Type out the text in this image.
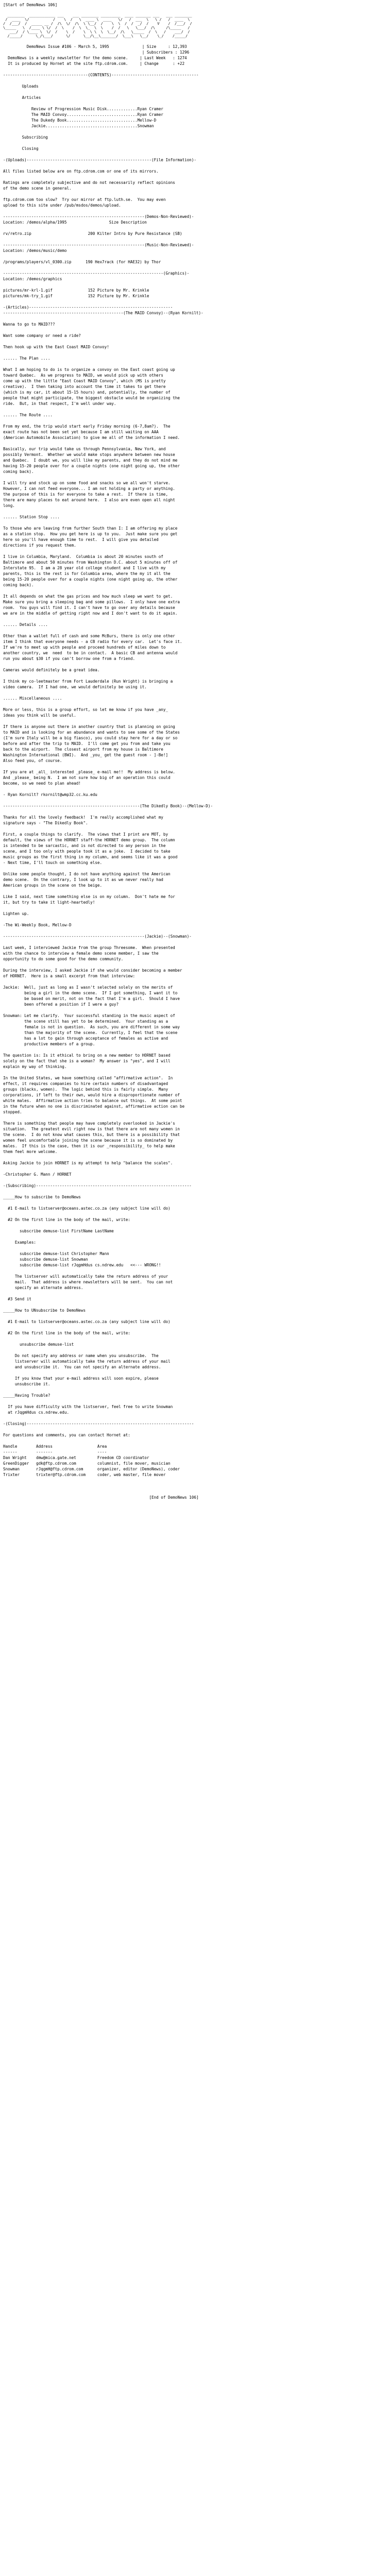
[Start of DemoNews 106]
________  ____________ ___    ___ ________ _________  ____ _______ ___   ___ ________
/  ____  \/           /    \  /   \  ____ \  ____   \/   /  ___  \   \ /   /  ____  \
/  /___/  /  _____ __ /  /\  \/  /\  \ \__/  /    \  \  /  /  _/  /    V    /  /___/  /
\_____   \  /____ \ \/  /  \    /  \  \_  \  \    /  /   \   \___/  /\     /\_____   /
___/  / \____ \  \/  /    \  /    \  \ \  \  \__/  /\   \_____  /  \   /    ___/  /
/_____/      \_/\___/      \/      \__/\__\_______/  \___\   \__/    \_/    /_____/
DemoNews Issue #106 - March 5, 1995              | Size     : 12,393
| Subscribers : 1296
DemoNews is a weekly newsletter for the demo scene.     | Last Week   : 1274
It is produced by Hornet at the site ftp.cdrom.com.     | Change      : +22
------------------------------------(CONTENTS)-------------------------------------
Uploads
Articles
Review of Progression Music Disk.............Ryan Cramer
The MAID Convoy..............................Ryan Cramer
The Dukedy Book..............................Mellow-D
Jackie.......................................Snowman
Subscribing
Closing
-(Uploads)-----------------------------------------------------(File Information)-
All files listed below are on ftp.cdrom.com or one of its mirrors.
Ratings are completely subjective and do not necessarily reflect opinions
of the demo scene in general.
ftp.cdrom.com too slow?  Try our mirror at ftp.luth.se.  You may even
upload to this site under /pub/msdos/demos/upload.
------------------------------------------------------------(Demos-Non-Reviewed)-
Location: /demos/alpha/1995                  Size Description
rv/retro.zip                        200 Kilter Intro by Pure Resistance (SB)
------------------------------------------------------------(Music-Non-Reviewed)-
Location: /demos/music/demo
/programs/players/vl_0300.zip      190 Hex7rack (for HAE32) by Thor
--------------------------------------------------------------------(Graphics)-
Location: /demos/graphics
pictures/mr-krl-1.gif               152 Picture by Mr. Krinkle
pictures/mk-try_1.gif               152 Picture by Mr. Krinkle
-(Articles)-------------------------------------------------------------
---------------------------------------------------(The MAID Convoy)--(Ryan Kornilt)-
Wanna to go to MAID???
Want some company or need a ride?
Then hook up with the East Coast MAID Convoy!
...... The Plan ....
What I am hoping to do is to organize a convoy on the East coast going up
toward Quebec.  As we progress to MAID, we would pick up with others
come up with the little "East Coast MAID Convoy", which (MS is pretty
creative).  I then taking into account the time it takes to get there
(which is my car, it about 15-15 hours) and, potentially, the number of
people that might participate, the biggest obstacle would be organizing the
ride.  But, in that respect, I'm well under way.
...... The Route ....
From my end, the trip would start early Friday morning (6-7,8am?).  The
exact route has not been set yet because I am still waiting on AAA
(American Automobile Association) to give me all of the information I need.
Basically, our trip would take us through Pennsylvania, New York, and
possibly Vermont.  Whether we would make stops anywhere between new house
and Quebec.  I doubt we, you will like my parents, and they do not mind me
having 15-20 people over for a couple nights (one night going up, the other
coming back).
I will try and stock up on some food and snacks so we all won't starve.
However, I can not feed everyone... I am not holding a party or anything.
the purpose of this is for everyone to take a rest.  If there is time,
there are many places to eat around here.  I also are even open all night
long.
...... Station Stop ....
To those who are leaving from further South than I: I am offering my place
as a station stop.  How you get here is up to you.  Just make sure you get
here so you'll have enough time to rest.  I will give you detailed
directions if you request them.
I live in Columbia, Maryland.  Columbia is about 20 minutes south of
Baltimore and about 50 minutes from Washington D.C. about 5 minutes off of
Interstate 95.  I am a 28 year old college student and I live with my
parents, this is the rest is for Columbia area, where the my it all the
being 15-20 people over for a couple nights (one night going up, the other
coming back).
It all depends on what the gas prices and how much sleep we want to get.
Make sure you bring a sleeping bag and some pillows.  I only have one extra
room.  You guys will find it. I can't have to go over any details because
we are in the middle of getting right now and I don't want to do it again.
...... Details ....
Other than a wallet full of cash and some McBurs, there is only one other
item I think that everyone needs - a CB radio for every car.  Let's face it.
If we're to meet up with people and proceed hundreds of miles down to
another country, we  need  to be in contact.  A basic CB and antenna would
run you about $30 if you can't borrow one from a friend.
Cameras would definitely be a great idea.
I think my co-leetmaster from Fort Lauderdale (Run Wright) is bringing a
video camera.  If I had one, we would definitely be using it.
...... Miscellaneous ....
More or less, this is a group effort, so let me know if you have _any_
ideas you think will be useful.
If there is anyone out there in another country that is planning on going
to MAID and is looking for an abundance and wants to see some of the States
(I'm sure Italy will be a big fiasco), you could stay here for a day or so
before and after the trip to MAID.  I'll come get you from and take you
back to the airport.  The closest airport from my house is Baltimore
Washington International (BWI).  And _you_ get the guest room - ]-Be!]
Also feed you, of course.
If you are at _all_ interested _please_ e-mail me!!  My address is below.
And _please_ being N.  I am not sure how big of an operation this could
become, so we need to plan ahead!
- Ryan Kornilt? rkornilt@wmp32.cc.ku.edu
----------------------------------------------------------(The Dikedly Book)--(Mellow-D)-
Thanks for all the lovely feedback!  I'm really accomplished what my
signature says - "The Dikedly Book".
First, a couple things to clarify.  The views that I print are MOT, by
default, the views of the HORNET staff-the HORNET demo group.  The column
is intended to be sarcastic, and is not directed to any person in the
scene, and I too only with people took it as a joke.  I decided to take
music groups as the first thing in my column, and seems like it was a good
- Next time, I'll touch on something else.
Unlike some people thought, I do not have anything against the American
demo scene.  On the contrary, I look up to it as we never really had
American groups in the scene on the beige.
Like I said, next time something else is on my column.  Don't hate me for
it, but try to take it light-heartedly!
Lighten up.
-The Wi-Weekly Book, Mellow-D
------------------------------------------------------------(Jackie)--(Snowman)-
Last week, I interviewed Jackie from the group Threesome.  When presented
with the chance to interview a female demo scene member, I saw the
opportunity to do some good for the demo community.
During the interview, I asked Jackie if she would consider becoming a member
of HORNET.  Here is a small excerpt from that interview:
Jackie:  Well, just as long as I wasn't selected solely on the merits of
being a girl in the demo scene.  If I got something, I want it to
be based on merit, not on the fact that I'm a girl.  Should I have
been offered a position if I were a guy?
Snowman: Let me clarify.  Your successful standing in the music aspect of
the scene still has yet to be determined.  Your standing as a
female is not in question.  As such, you are different in some way
than the majority of the scene.  Currently, I feel that the scene
has a lot to gain through acceptance of females as active and
productive members of a group.
The question is: Is it ethical to bring on a new member to HORNET based
solely on the fact that she is a woman?  My answer is "yes", and I will
explain my way of thinking.
In the United States, we have something called "affirmative action".  In
effect, it requires companies to hire certain numbers of disadvantaged
groups (blacks, women).  The logic behind this is fairly simple.  Many
corporations, if left to their own, would hire a disproportionate number of
white males.  Affirmative action tries to balance out things.  At some point
in the future when no one is discriminated against, affirmative action can be
stopped.
There is something that people may have completely overlooked in Jackie's
situation.  The greatest evil right now is that there are not many women in
the scene.  I do not know what causes this, but there is a possibility that
women feel uncomfortable joining the scene because it is so dominated by
males.  If this is the case, then it is our _responsibility_ to help make
them feel more welcome.
Asking Jackie to join HORNET is my attempt to help "balance the scales".
-Christopher G. Mann / HORNET
-(Subscribing)------------------------------------------------------------------
_____How to subscribe to DemoNews
#1 E-mail to listserver@oceans.astec.co.za (any subject line will do)
#2 On the first line in the body of the mail, write:
subscribe demuse-list FirstName LastName
Examples:
subscribe demuse-list Christopher Mann
subscribe demuse-list Snowman
subscribe demuse-list rJqgmHdus cs.ndrew.edu   <<--- WRONG!!
The listserver will automatically take the return address of your
mail.  That address is where newsletters will be sent.  You can not
specify an alternate address.
#3 Send it
_____How to UNsubscribe to DemoNews
#1 E-mail to listserver@oceans.astec.co.za (any subject line will do)
#2 On the first line in the body of the mail, write:
unsubscribe demuse-list
Do not specify any address or name when you unsubscribe.  The
listserver will automatically take the return address of your mail
and unsubscribe it.  You can not specify an alternate address.
If you know that your e-mail address will soon expire, please
unsubscribe it.
_____Having Trouble?
If you have difficulty with the listserver, feel free to write Snowman
at rJqgmHdus cs.ndrew.edu.
-(Closing)-----------------------------------------------------------------------
For questions and comments, you can contact Hornet at:
Handle        Address                   Area
------        -------                   ----
Dan Wright    dmw@mica.gate.net         Freedom CD coordinator
GreenDigger   gdk@ftp.cdrom.com         columnist, file mover, musician
Snowman       rJqgmH@ftp.cdrom.com      organizer, editor (DemoNews), coder
Trixter       trixter@ftp.cdrom.com     coder, web master, file mover
[End of DemoNews 106]
